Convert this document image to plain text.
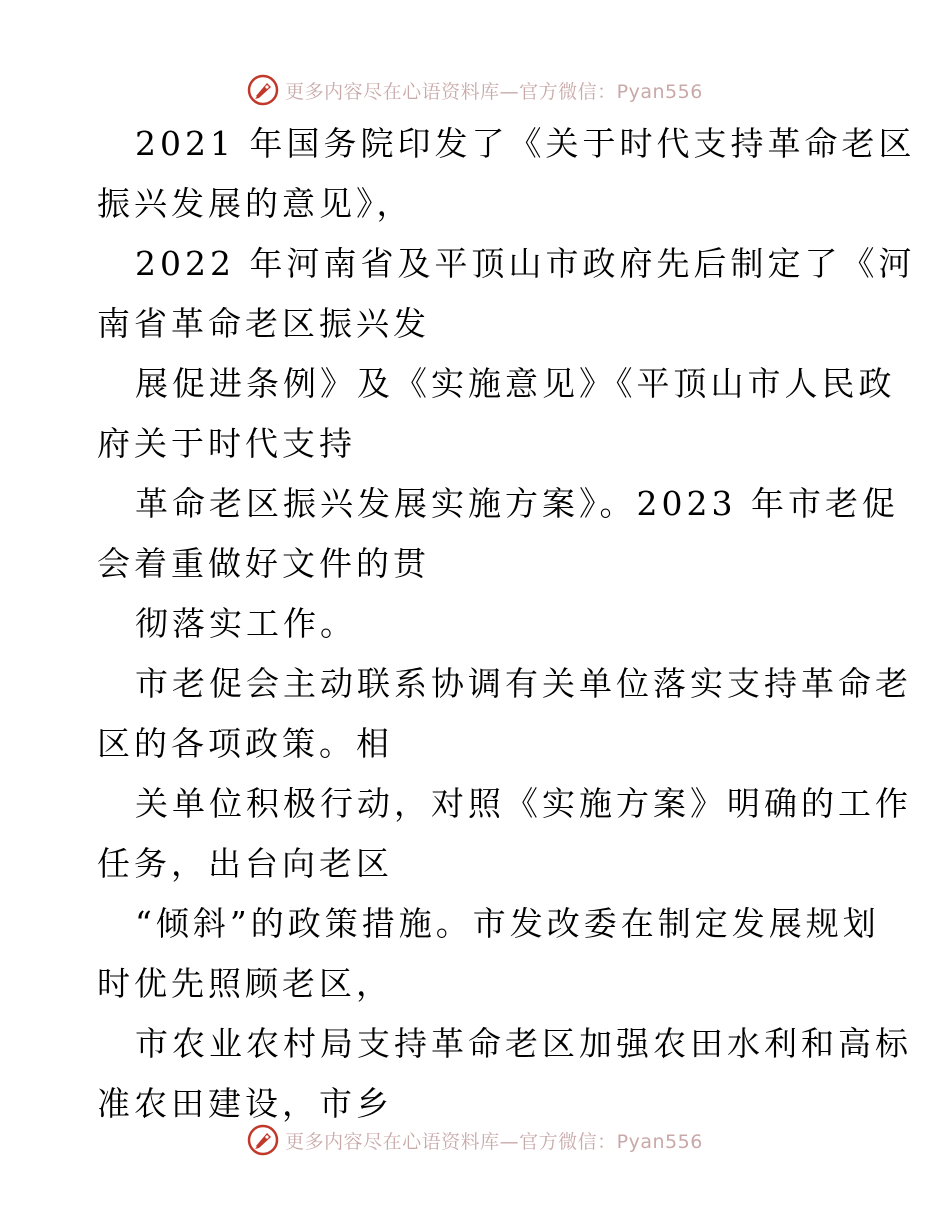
更多内容尽在心语资料库—官方微信：Pyan556
2021 年国务院印发了《关于时代支持革命老区
振兴发展的意见》，
2022 年河南省及平顶山市政府先后制定了《河
南省革命老区振兴发
展促进条例》及《实施意见》《平顶山市人民政
府关于时代支持
革命老区振兴发展实施方案》。2023 年市老促
会着重做好文件的贯
彻落实工作。
市老促会主动联系协调有关单位落实支持革命老
区的各项政策。相
关单位积极行动，对照《实施方案》明确的工作
任务，出台向老区
“倾斜”的政策措施。市发改委在制定发展规划
时优先照顾老区，
市农业农村局支持革命老区加强农田水利和高标
准农田建设，市乡
更多内容尽在心语资料库—官方微信：Pyan556
